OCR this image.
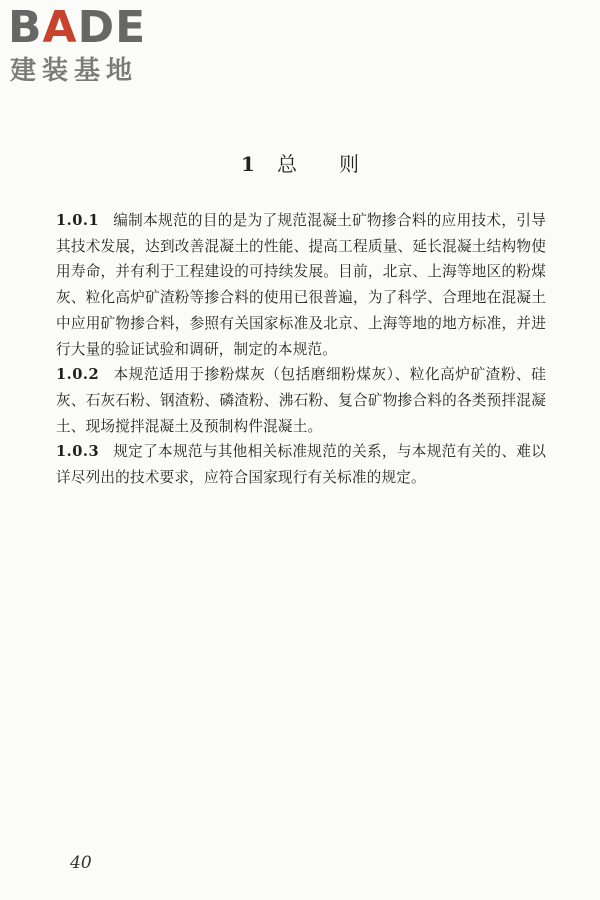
BADE
建装基地
1 总 则

1.0.1 编制本规范的目的是为了规范混凝土矿物掺合料的应用技术，引导其技术发展，达到改善混凝土的性能、提高工程质量、延长混凝土结构物使用寿命，并有利于工程建设的可持续发展。目前，北京、上海等地区的粉煤灰、粒化高炉矿渣粉等掺合料的使用已很普遍，为了科学、合理地在混凝土中应用矿物掺合料，参照有关国家标准及北京、上海等地的地方标准，并进行大量的验证试验和调研，制定的本规范。

1.0.2 本规范适用于掺粉煤灰（包括磨细粉煤灰）、粒化高炉矿渣粉、硅灰、石灰石粉、钢渣粉、磷渣粉、沸石粉、复合矿物掺合料的各类预拌混凝土、现场搅拌混凝土及预制构件混凝土。

1.0.3 规定了本规范与其他相关标准规范的关系，与本规范有关的、难以详尽列出的技术要求，应符合国家现行有关标准的规定。

40
